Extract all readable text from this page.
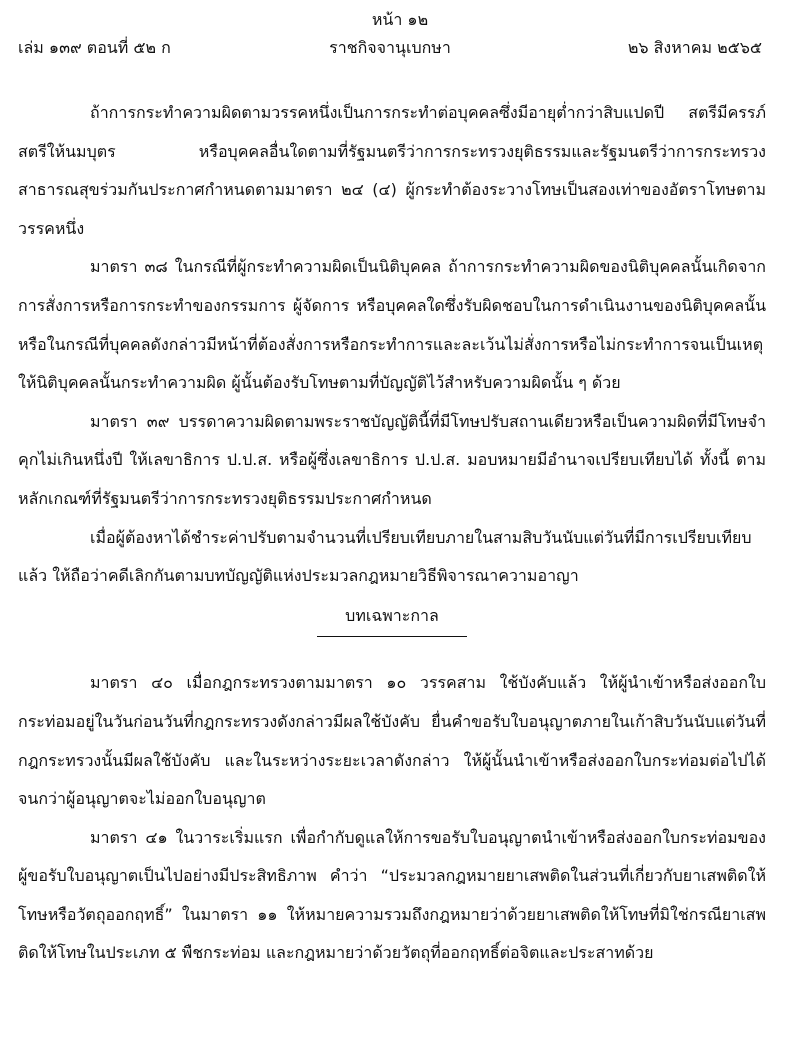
หน้า ๑๒
เล่ม ๑๓๙ ตอนที่ ๕๒ ก	ราชกิจจานุเบกษา	๒๖ สิงหาคม ๒๕๖๕

ถ้าการกระทำความผิดตามวรรคหนึ่งเป็นการกระทำต่อบุคคลซึ่งมีอายุต่ำกว่าสิบแปดปี สตรีมีครรภ์ สตรีให้นมบุตร หรือบุคคลอื่นใดตามที่รัฐมนตรีว่าการกระทรวงยุติธรรมและรัฐมนตรีว่าการกระทรวงสาธารณสุขร่วมกันประกาศกำหนดตามมาตรา ๒๔ (๔) ผู้กระทำต้องระวางโทษเป็นสองเท่าของอัตราโทษตามวรรคหนึ่ง

มาตรา ๓๘ ในกรณีที่ผู้กระทำความผิดเป็นนิติบุคคล ถ้าการกระทำความผิดของนิติบุคคลนั้นเกิดจากการสั่งการหรือการกระทำของกรรมการ ผู้จัดการ หรือบุคคลใดซึ่งรับผิดชอบในการดำเนินงานของนิติบุคคลนั้น หรือในกรณีที่บุคคลดังกล่าวมีหน้าที่ต้องสั่งการหรือกระทำการและละเว้นไม่สั่งการหรือไม่กระทำการจนเป็นเหตุให้นิติบุคคลนั้นกระทำความผิด ผู้นั้นต้องรับโทษตามที่บัญญัติไว้สำหรับความผิดนั้น ๆ ด้วย

มาตรา ๓๙ บรรดาความผิดตามพระราชบัญญัตินี้ที่มีโทษปรับสถานเดียวหรือเป็นความผิดที่มีโทษจำคุกไม่เกินหนึ่งปี ให้เลขาธิการ ป.ป.ส. หรือผู้ซึ่งเลขาธิการ ป.ป.ส. มอบหมายมีอำนาจเปรียบเทียบได้ ทั้งนี้ ตามหลักเกณฑ์ที่รัฐมนตรีว่าการกระทรวงยุติธรรมประกาศกำหนด

เมื่อผู้ต้องหาได้ชำระค่าปรับตามจำนวนที่เปรียบเทียบภายในสามสิบวันนับแต่วันที่มีการเปรียบเทียบแล้ว ให้ถือว่าคดีเลิกกันตามบทบัญญัติแห่งประมวลกฎหมายวิธีพิจารณาความอาญา

บทเฉพาะกาล

มาตรา ๔๐ เมื่อกฎกระทรวงตามมาตรา ๑๐ วรรคสาม ใช้บังคับแล้ว ให้ผู้นำเข้าหรือส่งออกใบกระท่อมอยู่ในวันก่อนวันที่กฎกระทรวงดังกล่าวมีผลใช้บังคับ ยื่นคำขอรับใบอนุญาตภายในเก้าสิบวันนับแต่วันที่กฎกระทรวงนั้นมีผลใช้บังคับ และในระหว่างระยะเวลาดังกล่าว ให้ผู้นั้นนำเข้าหรือส่งออกใบกระท่อมต่อไปได้จนกว่าผู้อนุญาตจะไม่ออกใบอนุญาต

มาตรา ๔๑ ในวาระเริ่มแรก เพื่อกำกับดูแลให้การขอรับใบอนุญาตนำเข้าหรือส่งออกใบกระท่อมของผู้ขอรับใบอนุญาตเป็นไปอย่างมีประสิทธิภาพ คำว่า “ประมวลกฎหมายยาเสพติดในส่วนที่เกี่ยวกับยาเสพติดให้โทษหรือวัตถุออกฤทธิ์” ในมาตรา ๑๑ ให้หมายความรวมถึงกฎหมายว่าด้วยยาเสพติดให้โทษที่มิใช่กรณียาเสพติดให้โทษในประเภท ๕ พืชกระท่อม และกฎหมายว่าด้วยวัตถุที่ออกฤทธิ์ต่อจิตและประสาทด้วย
